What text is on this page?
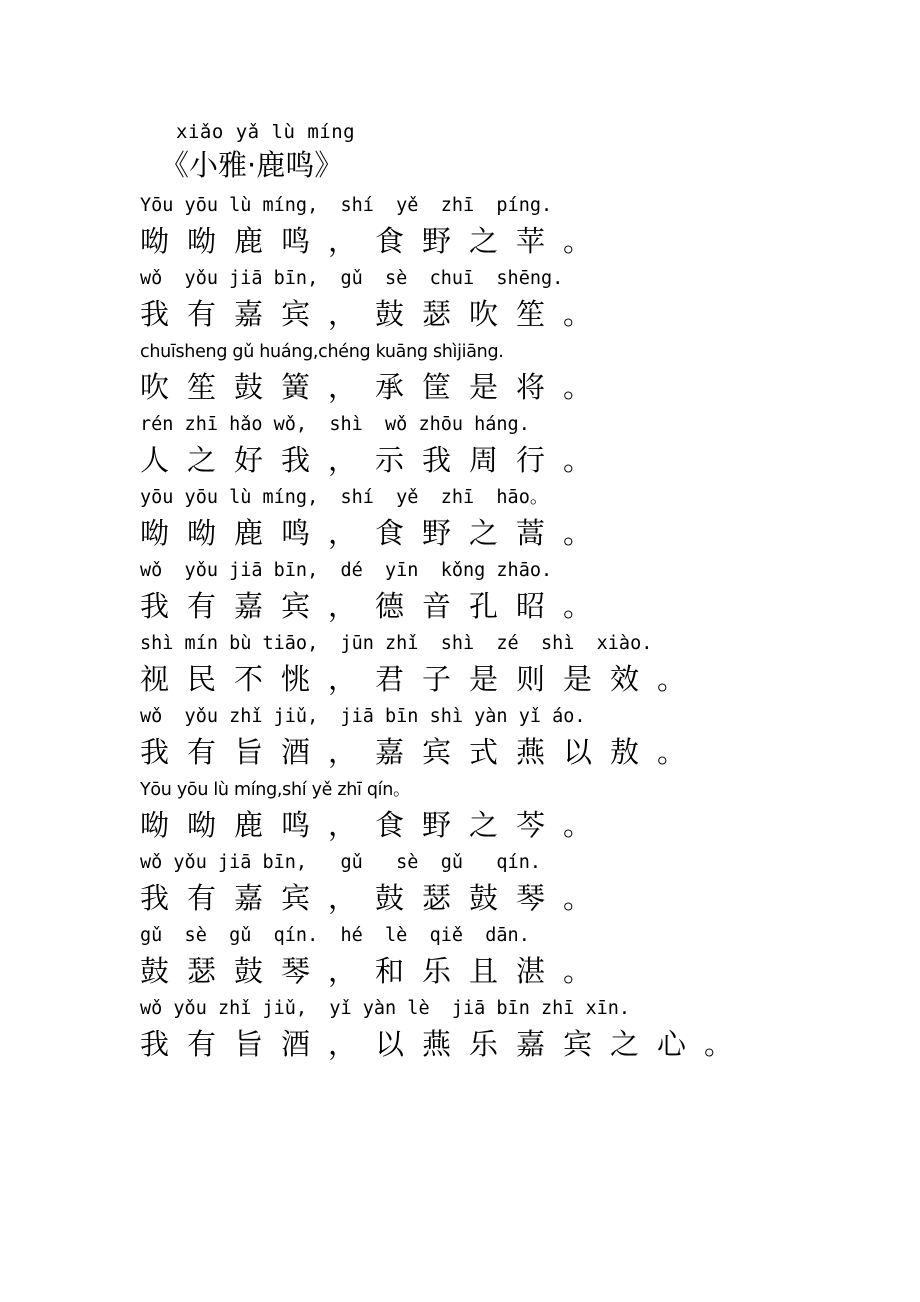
xiǎo yǎ lù míng
《小雅·鹿鸣》
Yōu yōu lù míng,  shí  yě  zhī  píng.
呦呦鹿鸣，食野之苹。
wǒ  yǒu jiā bīn,  gǔ  sè  chuī  shēng.
我有嘉宾，鼓瑟吹笙。
chuīsheng gǔ huáng,chéng kuāng shìjiāng.
吹笙鼓簧，承筐是将。
rén zhī hǎo wǒ,  shì  wǒ zhōu háng.
人之好我，示我周行。
yōu yōu lù míng,  shí  yě  zhī  hāo。
呦呦鹿鸣，食野之蒿。
wǒ  yǒu jiā bīn,  dé  yīn  kǒng zhāo.
我有嘉宾，德音孔昭。
shì mín bù tiāo,  jūn zhǐ  shì  zé  shì  xiào.
视民不恌，君子是则是效。
wǒ  yǒu zhǐ jiǔ,  jiā bīn shì yàn yǐ áo.
我有旨酒，嘉宾式燕以敖。
Yōu yōu lù míng,shí yě zhī qín。
呦呦鹿鸣，食野之芩。
wǒ yǒu jiā bīn,   gǔ   sè  gǔ   qín.
我有嘉宾，鼓瑟鼓琴。
gǔ  sè  gǔ  qín.  hé  lè  qiě  dān.
鼓瑟鼓琴，和乐且湛。
wǒ yǒu zhǐ jiǔ,  yǐ yàn lè  jiā bīn zhī xīn.
我有旨酒，以燕乐嘉宾之心。
